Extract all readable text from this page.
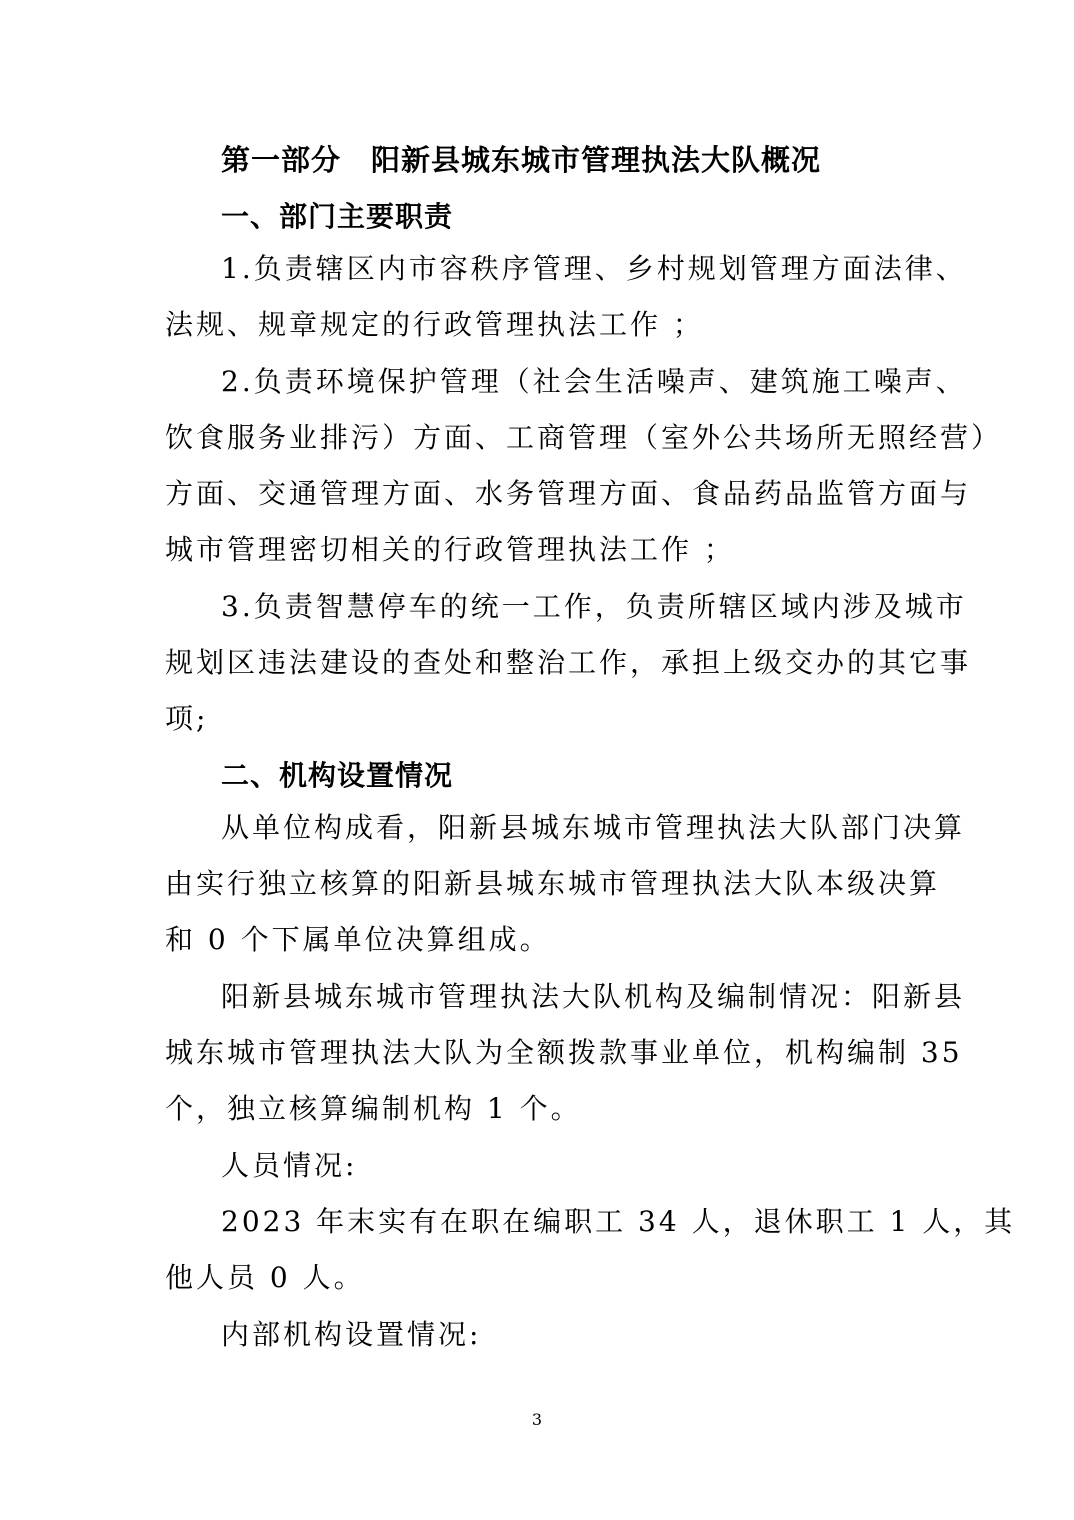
第一部分　阳新县城东城市管理执法大队概况
一、部门主要职责
1.负责辖区内市容秩序管理、乡村规划管理方面法律、
法规、规章规定的行政管理执法工作 ；
2.负责环境保护管理（社会生活噪声、建筑施工噪声、
饮食服务业排污）方面、工商管理（室外公共场所无照经营）
方面、交通管理方面、水务管理方面、食品药品监管方面与
城市管理密切相关的行政管理执法工作 ；
3.负责智慧停车的统一工作，负责所辖区域内涉及城市
规划区违法建设的查处和整治工作，承担上级交办的其它事
项;
二、机构设置情况
从单位构成看，阳新县城东城市管理执法大队部门决算
由实行独立核算的阳新县城东城市管理执法大队本级决算
和 0 个下属单位决算组成。
阳新县城东城市管理执法大队机构及编制情况：阳新县
城东城市管理执法大队为全额拨款事业单位，机构编制 35
个，独立核算编制机构 1 个。
人员情况:
2023 年末实有在职在编职工 34 人，退休职工 1 人，其
他人员 0 人。
内部机构设置情况:
3
